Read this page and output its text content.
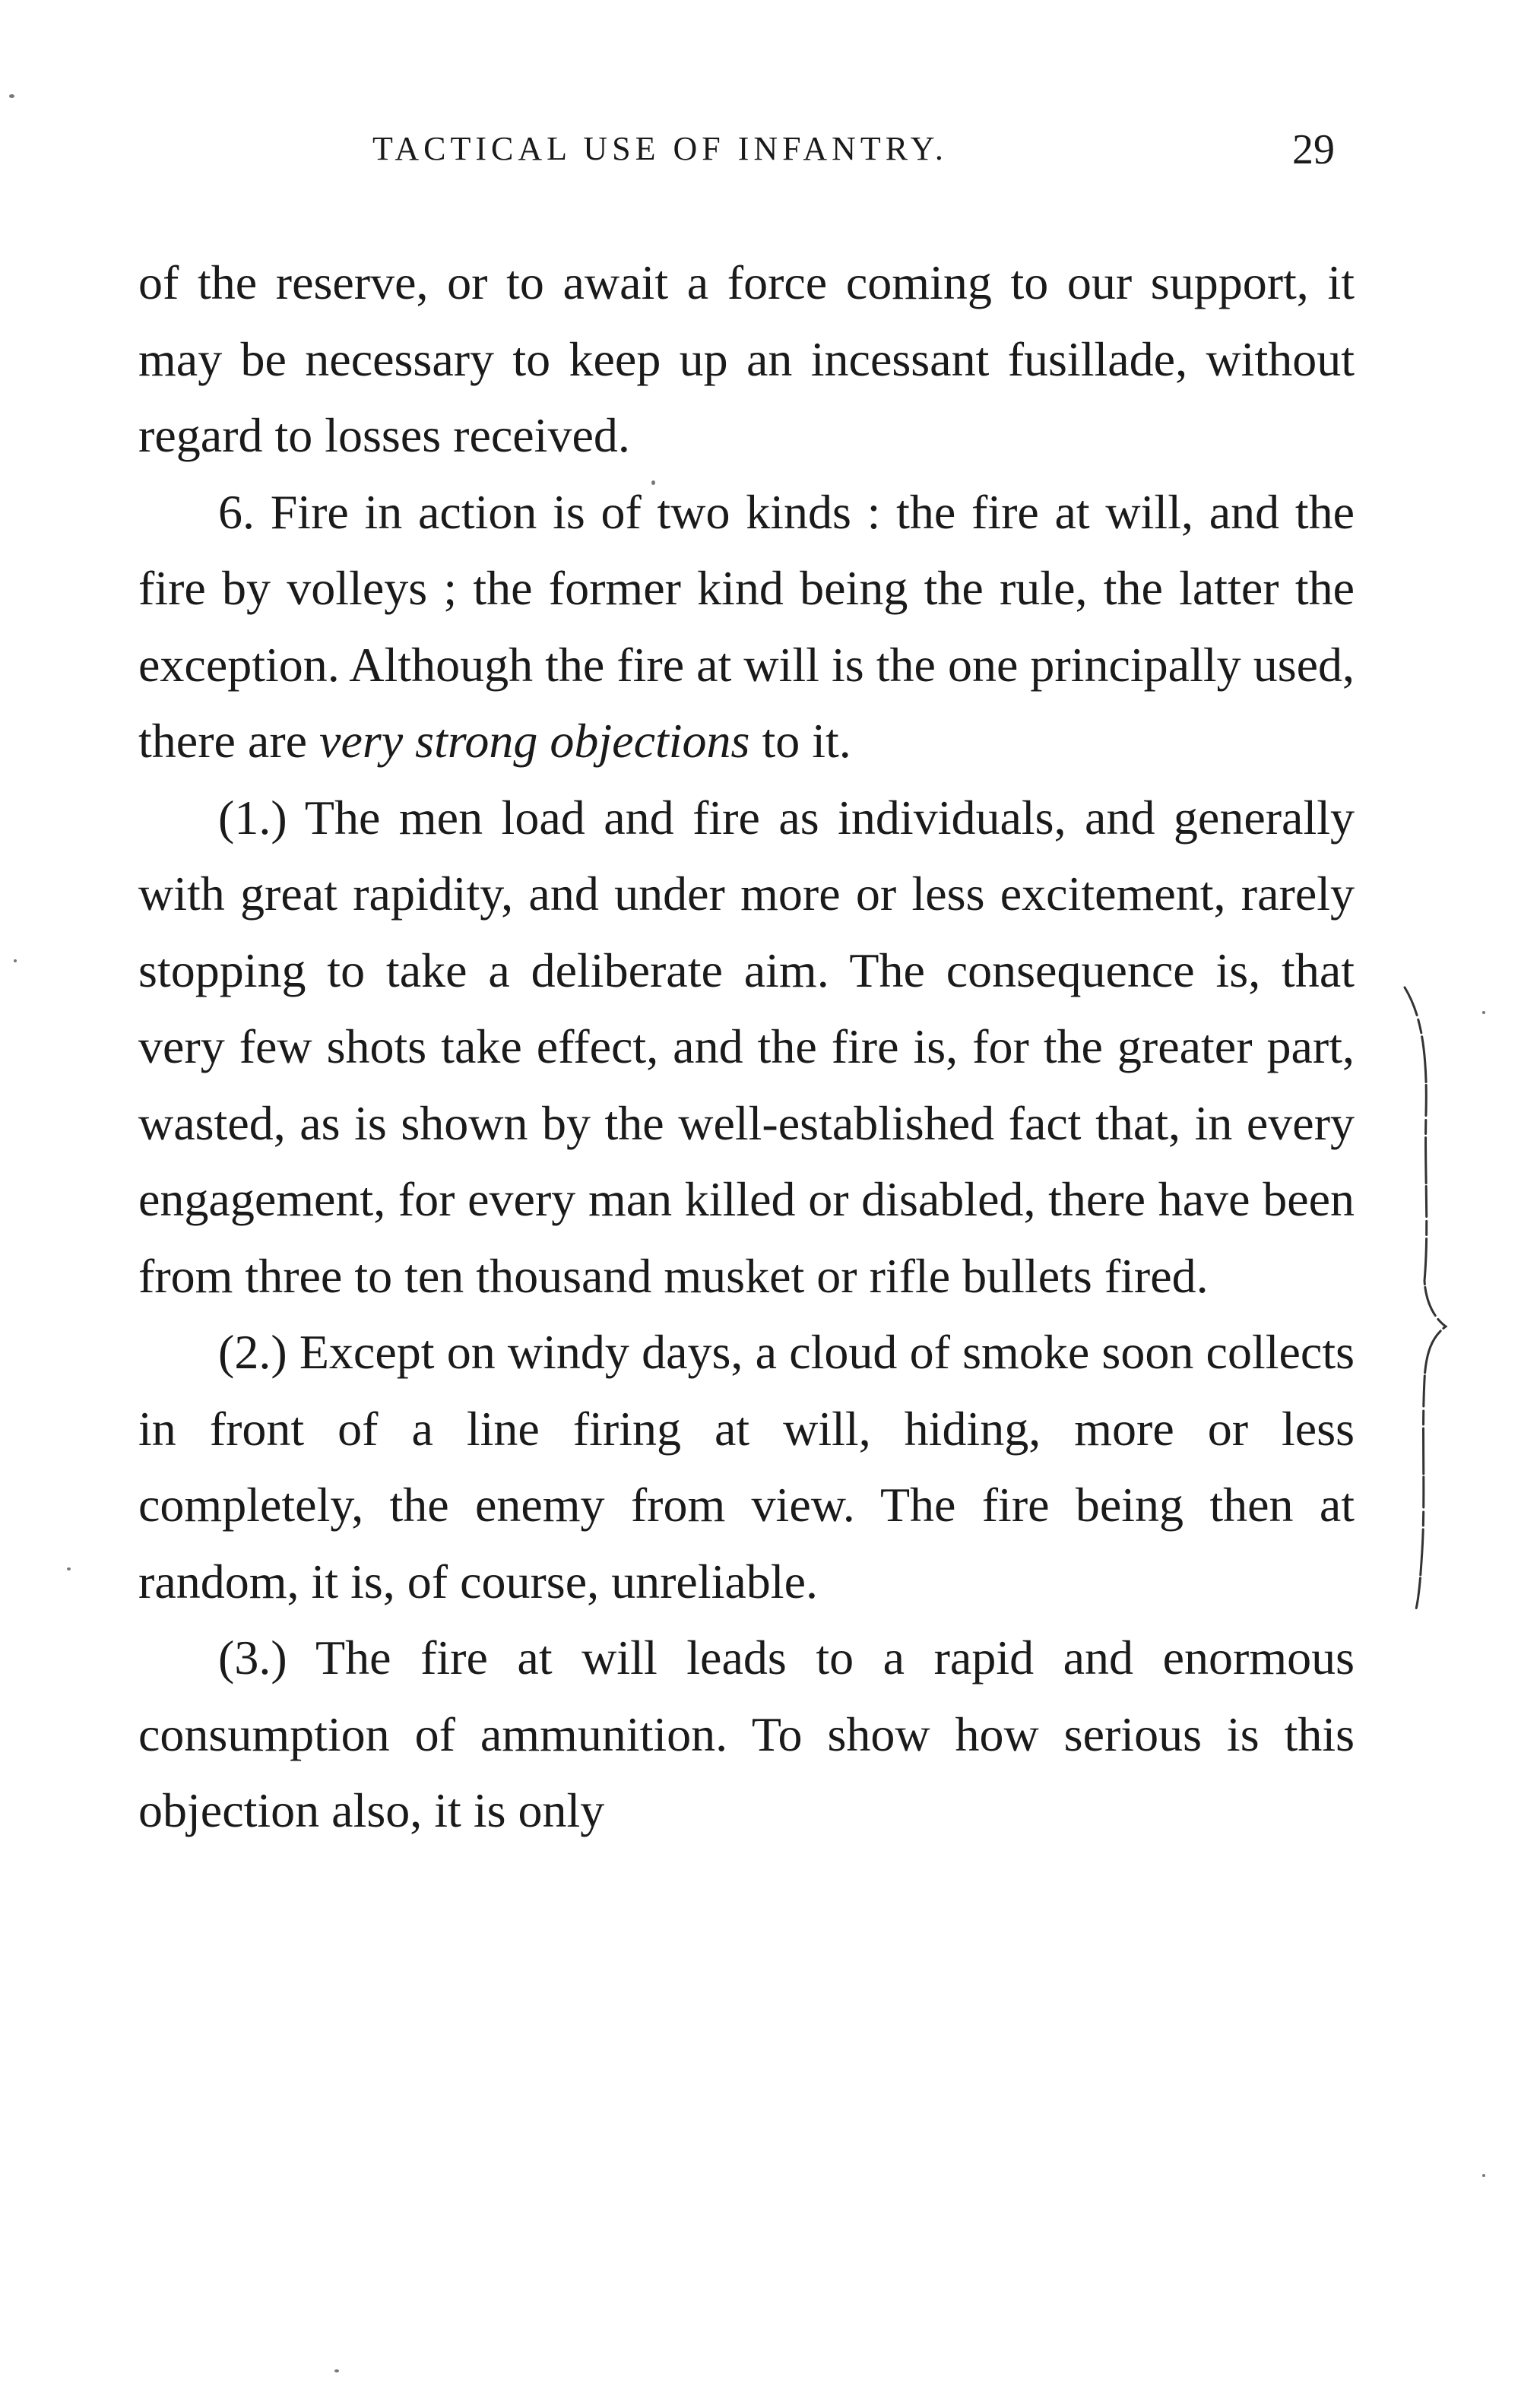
TACTICAL USE OF INFANTRY.	29

of the reserve, or to await a force coming to our support, it may be necessary to keep up an incessant fusillade, without regard to losses received.

6. Fire in action is of two kinds : the fire at will, and the fire by volleys ; the former kind being the rule, the latter the exception. Although the fire at will is the one principally used, there are very strong objections to it.

(1.) The men load and fire as individuals, and generally with great rapidity, and under more or less excitement, rarely stopping to take a deliberate aim. The consequence is, that very few shots take effect, and the fire is, for the greater part, wasted, as is shown by the well-established fact that, in every engagement, for every man killed or disabled, there have been from three to ten thousand musket or rifle bullets fired.

(2.) Except on windy days, a cloud of smoke soon collects in front of a line firing at will, hiding, more or less completely, the enemy from view. The fire being then at random, it is, of course, unreliable.

(3.) The fire at will leads to a rapid and enormous consumption of ammunition. To show how serious is this objection also, it is only
